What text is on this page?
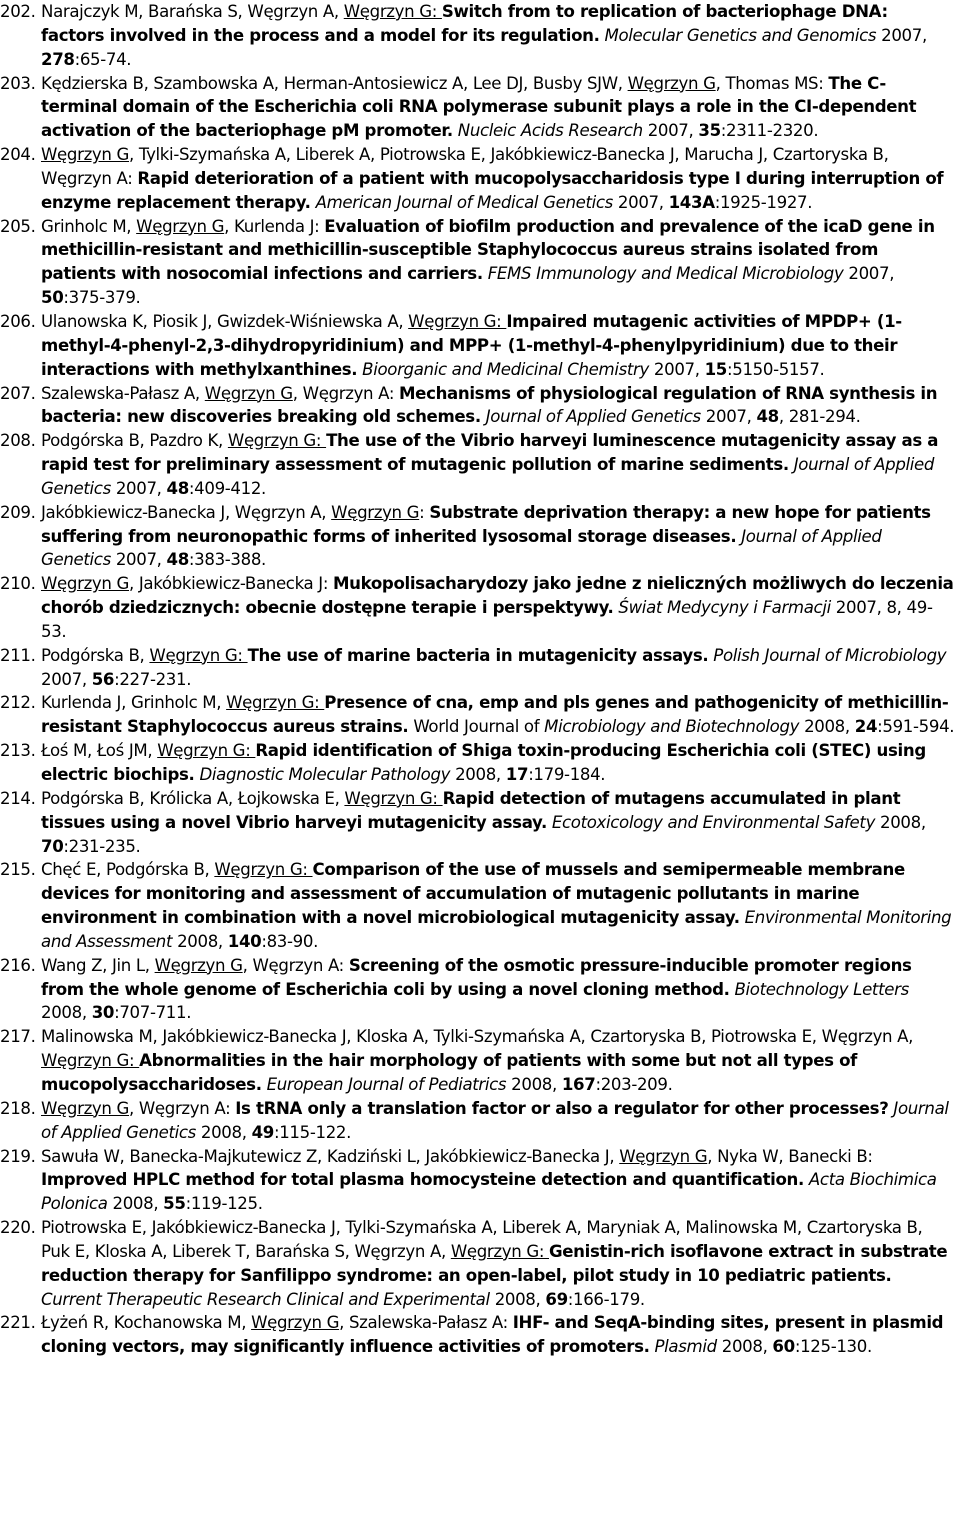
202. Narajczyk M, Barańska S, Węgrzyn A, Węgrzyn G: Switch from to replication of bacteriophage DNA: factors involved in the process and a model for its regulation. Molecular Genetics and Genomics 2007, 278:65-74.
203. Kędzierska B, Szambowska A, Herman-Antosiewicz A, Lee DJ, Busby SJW, Węgrzyn G, Thomas MS: The C-terminal domain of the Escherichia coli RNA polymerase subunit plays a role in the CI-dependent activation of the bacteriophage pM promoter. Nucleic Acids Research 2007, 35:2311-2320.
204. Węgrzyn G, Tylki-Szymańska A, Liberek A, Piotrowska E, Jakóbkiewicz-Banecka J, Marucha J, Czartoryska B, Węgrzyn A: Rapid deterioration of a patient with mucopolysaccharidosis type I during interruption of enzyme replacement therapy. American Journal of Medical Genetics 2007, 143A:1925-1927.
205. Grinholc M, Węgrzyn G, Kurlenda J: Evaluation of biofilm production and prevalence of the icaD gene in methicillin-resistant and methicillin-susceptible Staphylococcus aureus strains isolated from patients with nosocomial infections and carriers. FEMS Immunology and Medical Microbiology 2007, 50:375-379.
206. Ulanowska K, Piosik J, Gwizdek-Wiśniewska A, Węgrzyn G: Impaired mutagenic activities of MPDP+ (1-methyl-4-phenyl-2,3-dihydropyridinium) and MPP+ (1-methyl-4-phenylpyridinium) due to their interactions with methylxanthines. Bioorganic and Medicinal Chemistry 2007, 15:5150-5157.
207. Szalewska-Pałasz A, Węgrzyn G, Węgrzyn A: Mechanisms of physiological regulation of RNA synthesis in bacteria: new discoveries breaking old schemes. Journal of Applied Genetics 2007, 48, 281-294.
208. Podgórska B, Pazdro K, Węgrzyn G: The use of the Vibrio harveyi luminescence mutagenicity assay as a rapid test for preliminary assessment of mutagenic pollution of marine sediments. Journal of Applied Genetics 2007, 48:409-412.
209. Jakóbkiewicz-Banecka J, Węgrzyn A, Węgrzyn G: Substrate deprivation therapy: a new hope for patients suffering from neuronopathic forms of inherited lysosomal storage diseases. Journal of Applied Genetics 2007, 48:383-388.
210. Węgrzyn G, Jakóbkiewicz-Banecka J: Mukopolisacharydozy jako jedne z nieliczných możliwych do leczenia chorób dziedzicznych: obecnie dostępne terapie i perspektywy. Świat Medycyny i Farmacji 2007, 8, 49-53.
211. Podgórska B, Węgrzyn G: The use of marine bacteria in mutagenicity assays. Polish Journal of Microbiology 2007, 56:227-231.
212. Kurlenda J, Grinholc M, Węgrzyn G: Presence of cna, emp and pls genes and pathogenicity of methicillin-resistant Staphylococcus aureus strains. World Journal of Microbiology and Biotechnology 2008, 24:591-594.
213. Łoś M, Łoś JM, Węgrzyn G: Rapid identification of Shiga toxin-producing Escherichia coli (STEC) using electric biochips. Diagnostic Molecular Pathology 2008, 17:179-184.
214. Podgórska B, Królicka A, Łojkowska E, Węgrzyn G: Rapid detection of mutagens accumulated in plant tissues using a novel Vibrio harveyi mutagenicity assay. Ecotoxicology and Environmental Safety 2008, 70:231-235.
215. Chęć E, Podgórska B, Węgrzyn G: Comparison of the use of mussels and semipermeable membrane devices for monitoring and assessment of accumulation of mutagenic pollutants in marine environment in combination with a novel microbiological mutagenicity assay. Environmental Monitoring and Assessment 2008, 140:83-90.
216. Wang Z, Jin L, Węgrzyn G, Węgrzyn A: Screening of the osmotic pressure-inducible promoter regions from the whole genome of Escherichia coli by using a novel cloning method. Biotechnology Letters 2008, 30:707-711.
217. Malinowska M, Jakóbkiewicz-Banecka J, Kloska A, Tylki-Szymańska A, Czartoryska B, Piotrowska E, Węgrzyn A, Węgrzyn G: Abnormalities in the hair morphology of patients with some but not all types of mucopolysaccharidoses. European Journal of Pediatrics 2008, 167:203-209.
218. Węgrzyn G, Węgrzyn A: Is tRNA only a translation factor or also a regulator for other processes? Journal of Applied Genetics 2008, 49:115-122.
219. Sawuła W, Banecka-Majkutewicz Z, Kadziński L, Jakóbkiewicz-Banecka J, Węgrzyn G, Nyka W, Banecki B: Improved HPLC method for total plasma homocysteine detection and quantification. Acta Biochimica Polonica 2008, 55:119-125.
220. Piotrowska E, Jakóbkiewicz-Banecka J, Tylki-Szymańska A, Liberek A, Maryniak A, Malinowska M, Czartoryska B, Puk E, Kloska A, Liberek T, Barańska S, Węgrzyn A, Węgrzyn G: Genistin-rich isoflavone extract in substrate reduction therapy for Sanfilippo syndrome: an open-label, pilot study in 10 pediatric patients. Current Therapeutic Research Clinical and Experimental 2008, 69:166-179.
221. Łyżeń R, Kochanowska M, Węgrzyn G, Szalewska-Pałasz A: IHF- and SeqA-binding sites, present in plasmid cloning vectors, may significantly influence activities of promoters. Plasmid 2008, 60:125-130.
